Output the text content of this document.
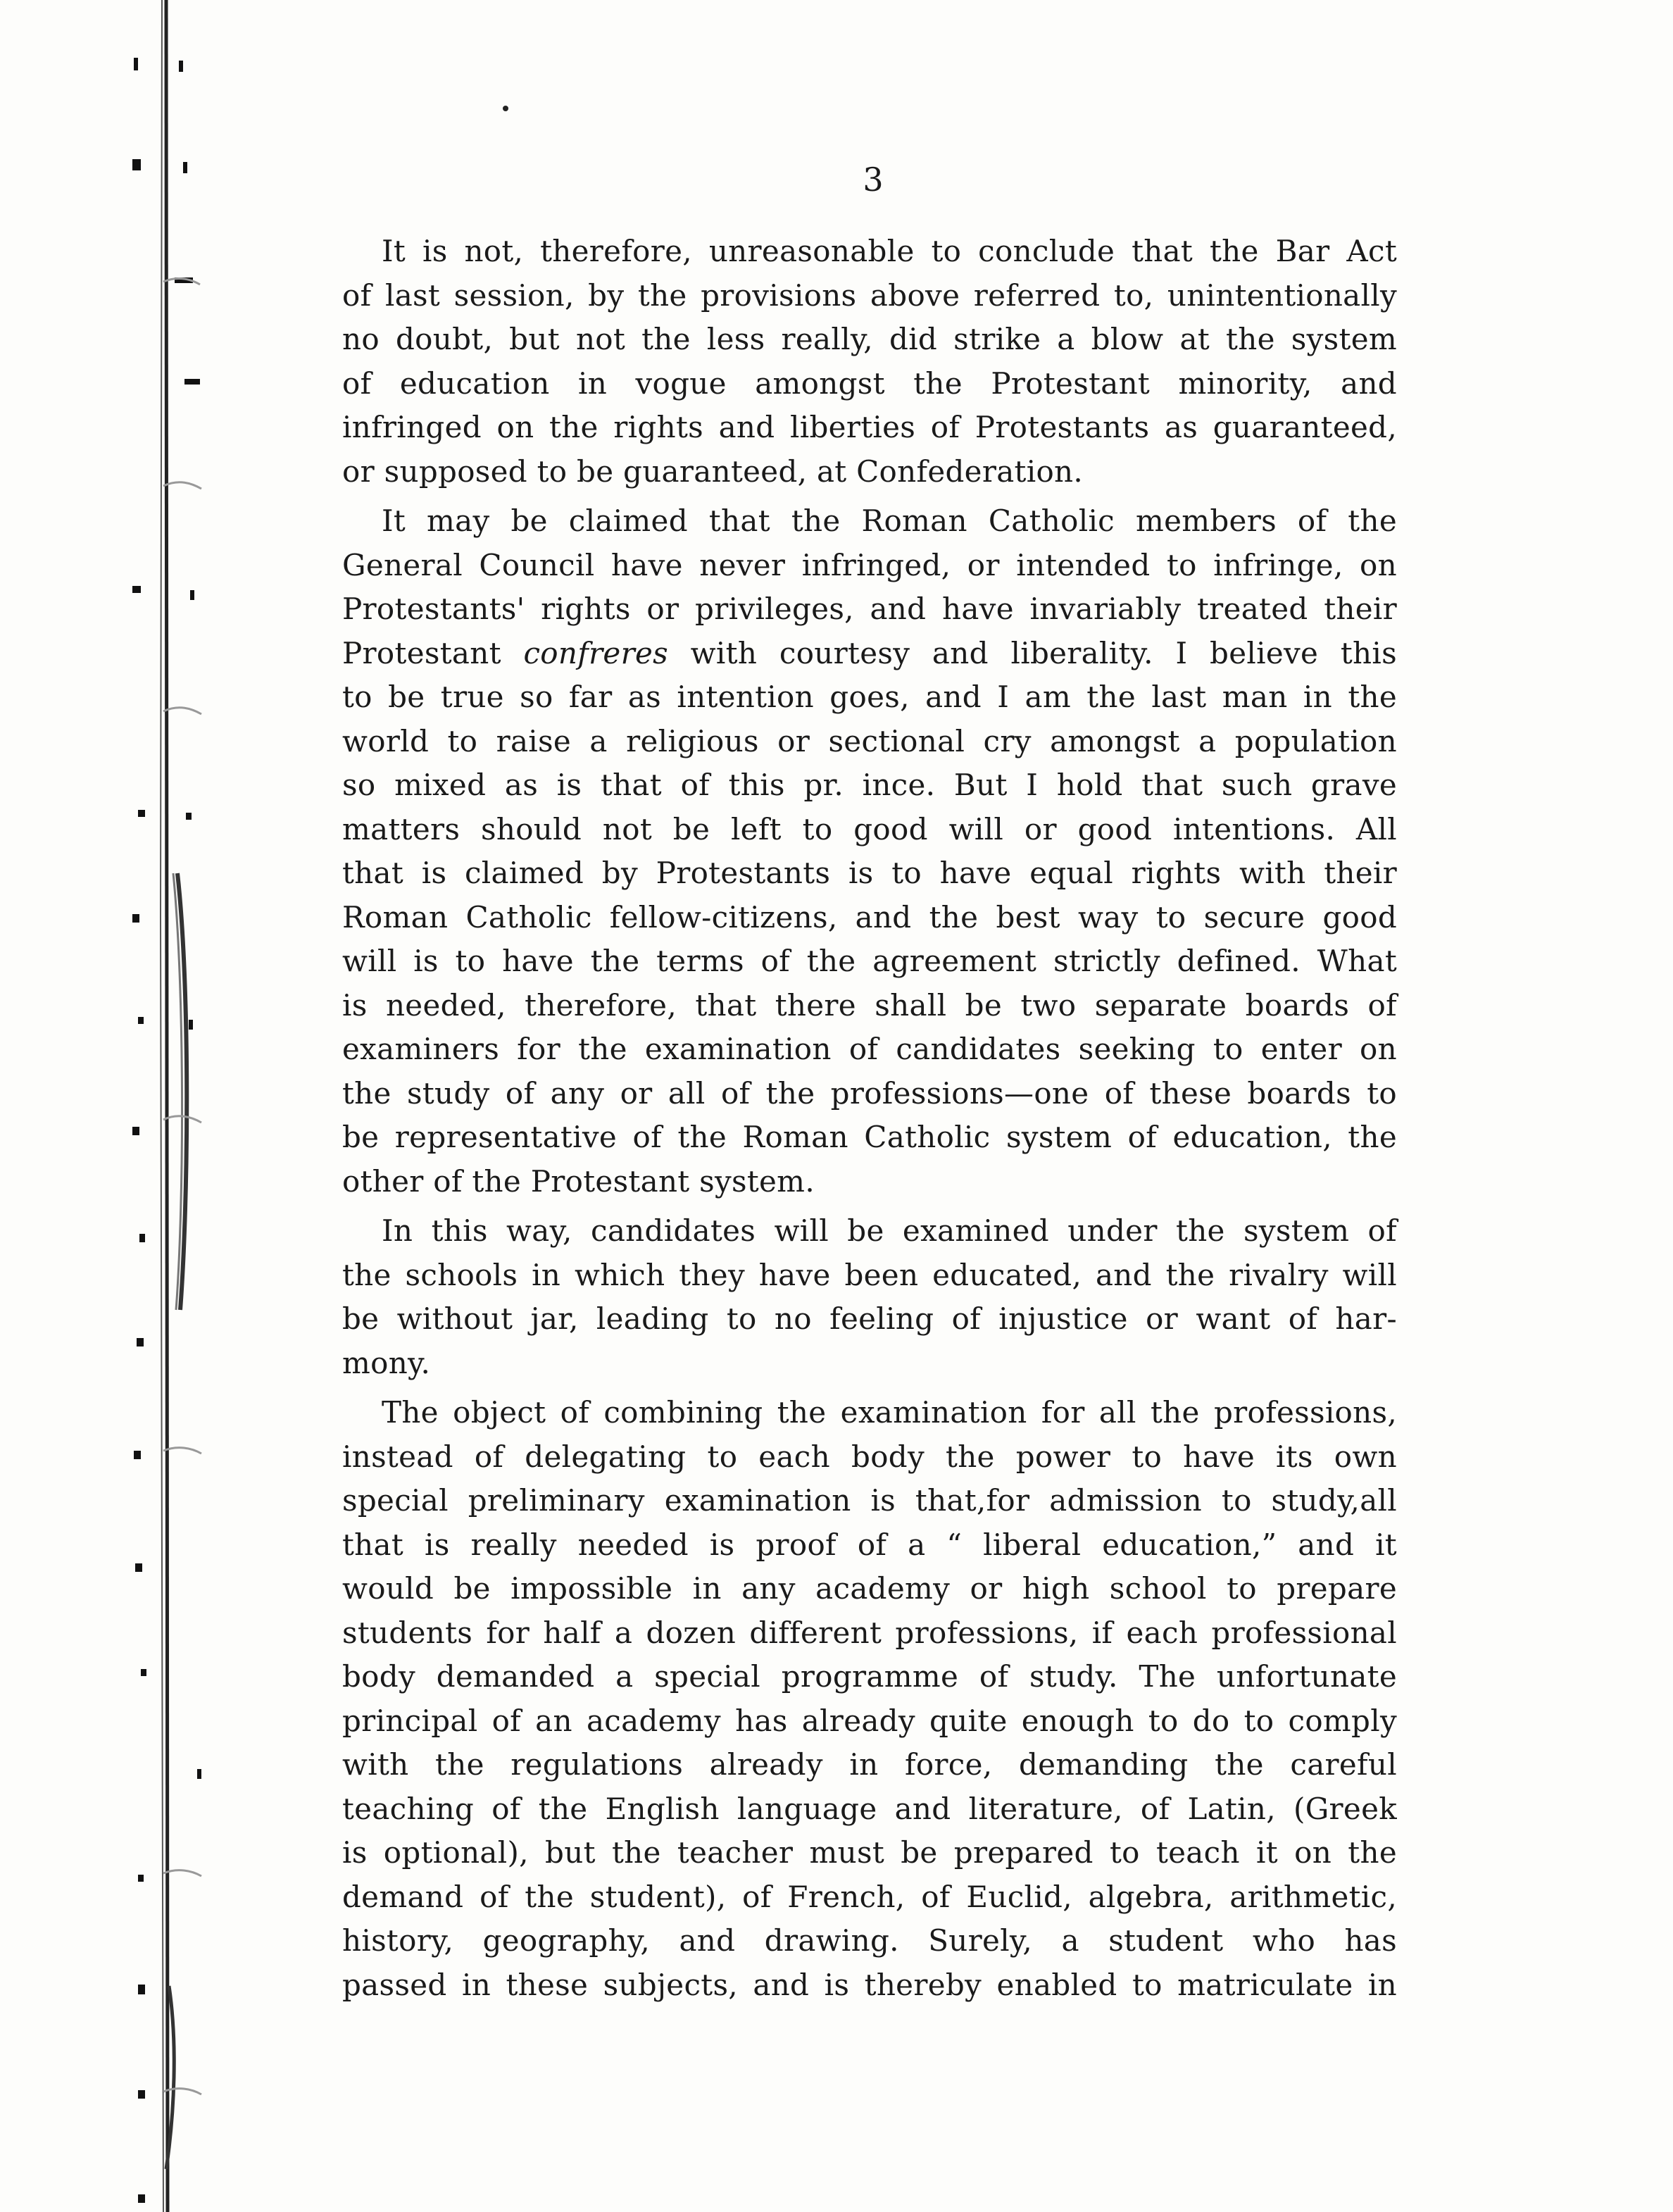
3

It is not, therefore, unreasonable to conclude that the Bar Act
of last session, by the provisions above referred to, unintentionally
no doubt, but not the less really, did strike a blow at the system
of education in vogue amongst the Protestant minority, and
infringed on the rights and liberties of Protestants as guaranteed,
or supposed to be guaranteed, at Confederation.

It may be claimed that the Roman Catholic members of the
General Council have never infringed, or intended to infringe, on
Protestants' rights or privileges, and have invariably treated their
Protestant confreres with courtesy and liberality. I believe this
to be true so far as intention goes, and I am the last man in the
world to raise a religious or sectional cry amongst a population
so mixed as is that of this pr. ince. But I hold that such grave
matters should not be left to good will or good intentions. All
that is claimed by Protestants is to have equal rights with their
Roman Catholic fellow-citizens, and the best way to secure good
will is to have the terms of the agreement strictly defined. What
is needed, therefore, that there shall be two separate boards of
examiners for the examination of candidates seeking to enter on
the study of any or all of the professions—one of these boards to
be representative of the Roman Catholic system of education, the
other of the Protestant system.

In this way, candidates will be examined under the system of
the schools in which they have been educated, and the rivalry will
be without jar, leading to no feeling of injustice or want of har-
mony.

The object of combining the examination for all the professions,
instead of delegating to each body the power to have its own
special preliminary examination is that,for admission to study,all
that is really needed is proof of a “ liberal education,” and it
would be impossible in any academy or high school to prepare
students for half a dozen different professions, if each professional
body demanded a special programme of study. The unfortunate
principal of an academy has already quite enough to do to comply
with the regulations already in force, demanding the careful
teaching of the English language and literature, of Latin, (Greek
is optional), but the teacher must be prepared to teach it on the
demand of the student), of French, of Euclid, algebra, arithmetic,
history, geography, and drawing. Surely, a student who has
passed in these subjects, and is thereby enabled to matriculate in
